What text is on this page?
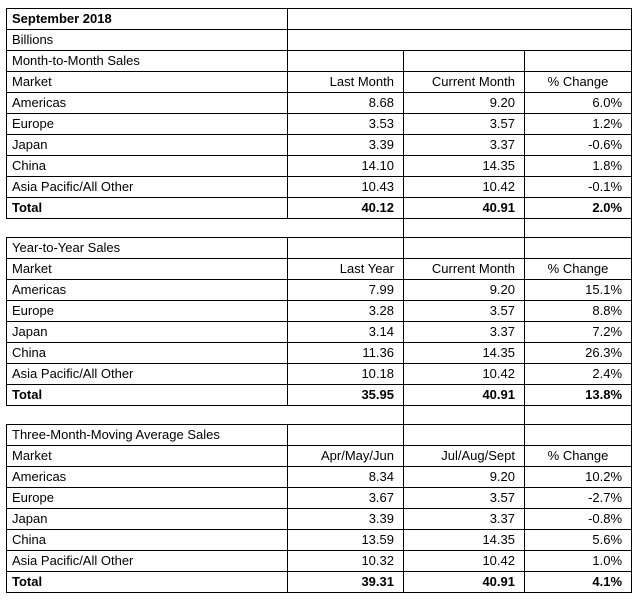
September 2018			
Billions			
Month-to-Month Sales			
Market	Last Month	Current Month	% Change
Americas	8.68	9.20	6.0%
Europe	3.53	3.57	1.2%
Japan	3.39	3.37	-0.6%
China	14.10	14.35	1.8%
Asia Pacific/All Other	10.43	10.42	-0.1%
Total	40.12	40.91	2.0%

Year-to-Year Sales			
Market	Last Year	Current Month	% Change
Americas	7.99	9.20	15.1%
Europe	3.28	3.57	8.8%
Japan	3.14	3.37	7.2%
China	11.36	14.35	26.3%
Asia Pacific/All Other	10.18	10.42	2.4%
Total	35.95	40.91	13.8%

Three-Month-Moving Average Sales			
Market	Apr/May/Jun	Jul/Aug/Sept	% Change
Americas	8.34	9.20	10.2%
Europe	3.67	3.57	-2.7%
Japan	3.39	3.37	-0.8%
China	13.59	14.35	5.6%
Asia Pacific/All Other	10.32	10.42	1.0%
Total	39.31	40.91	4.1%
